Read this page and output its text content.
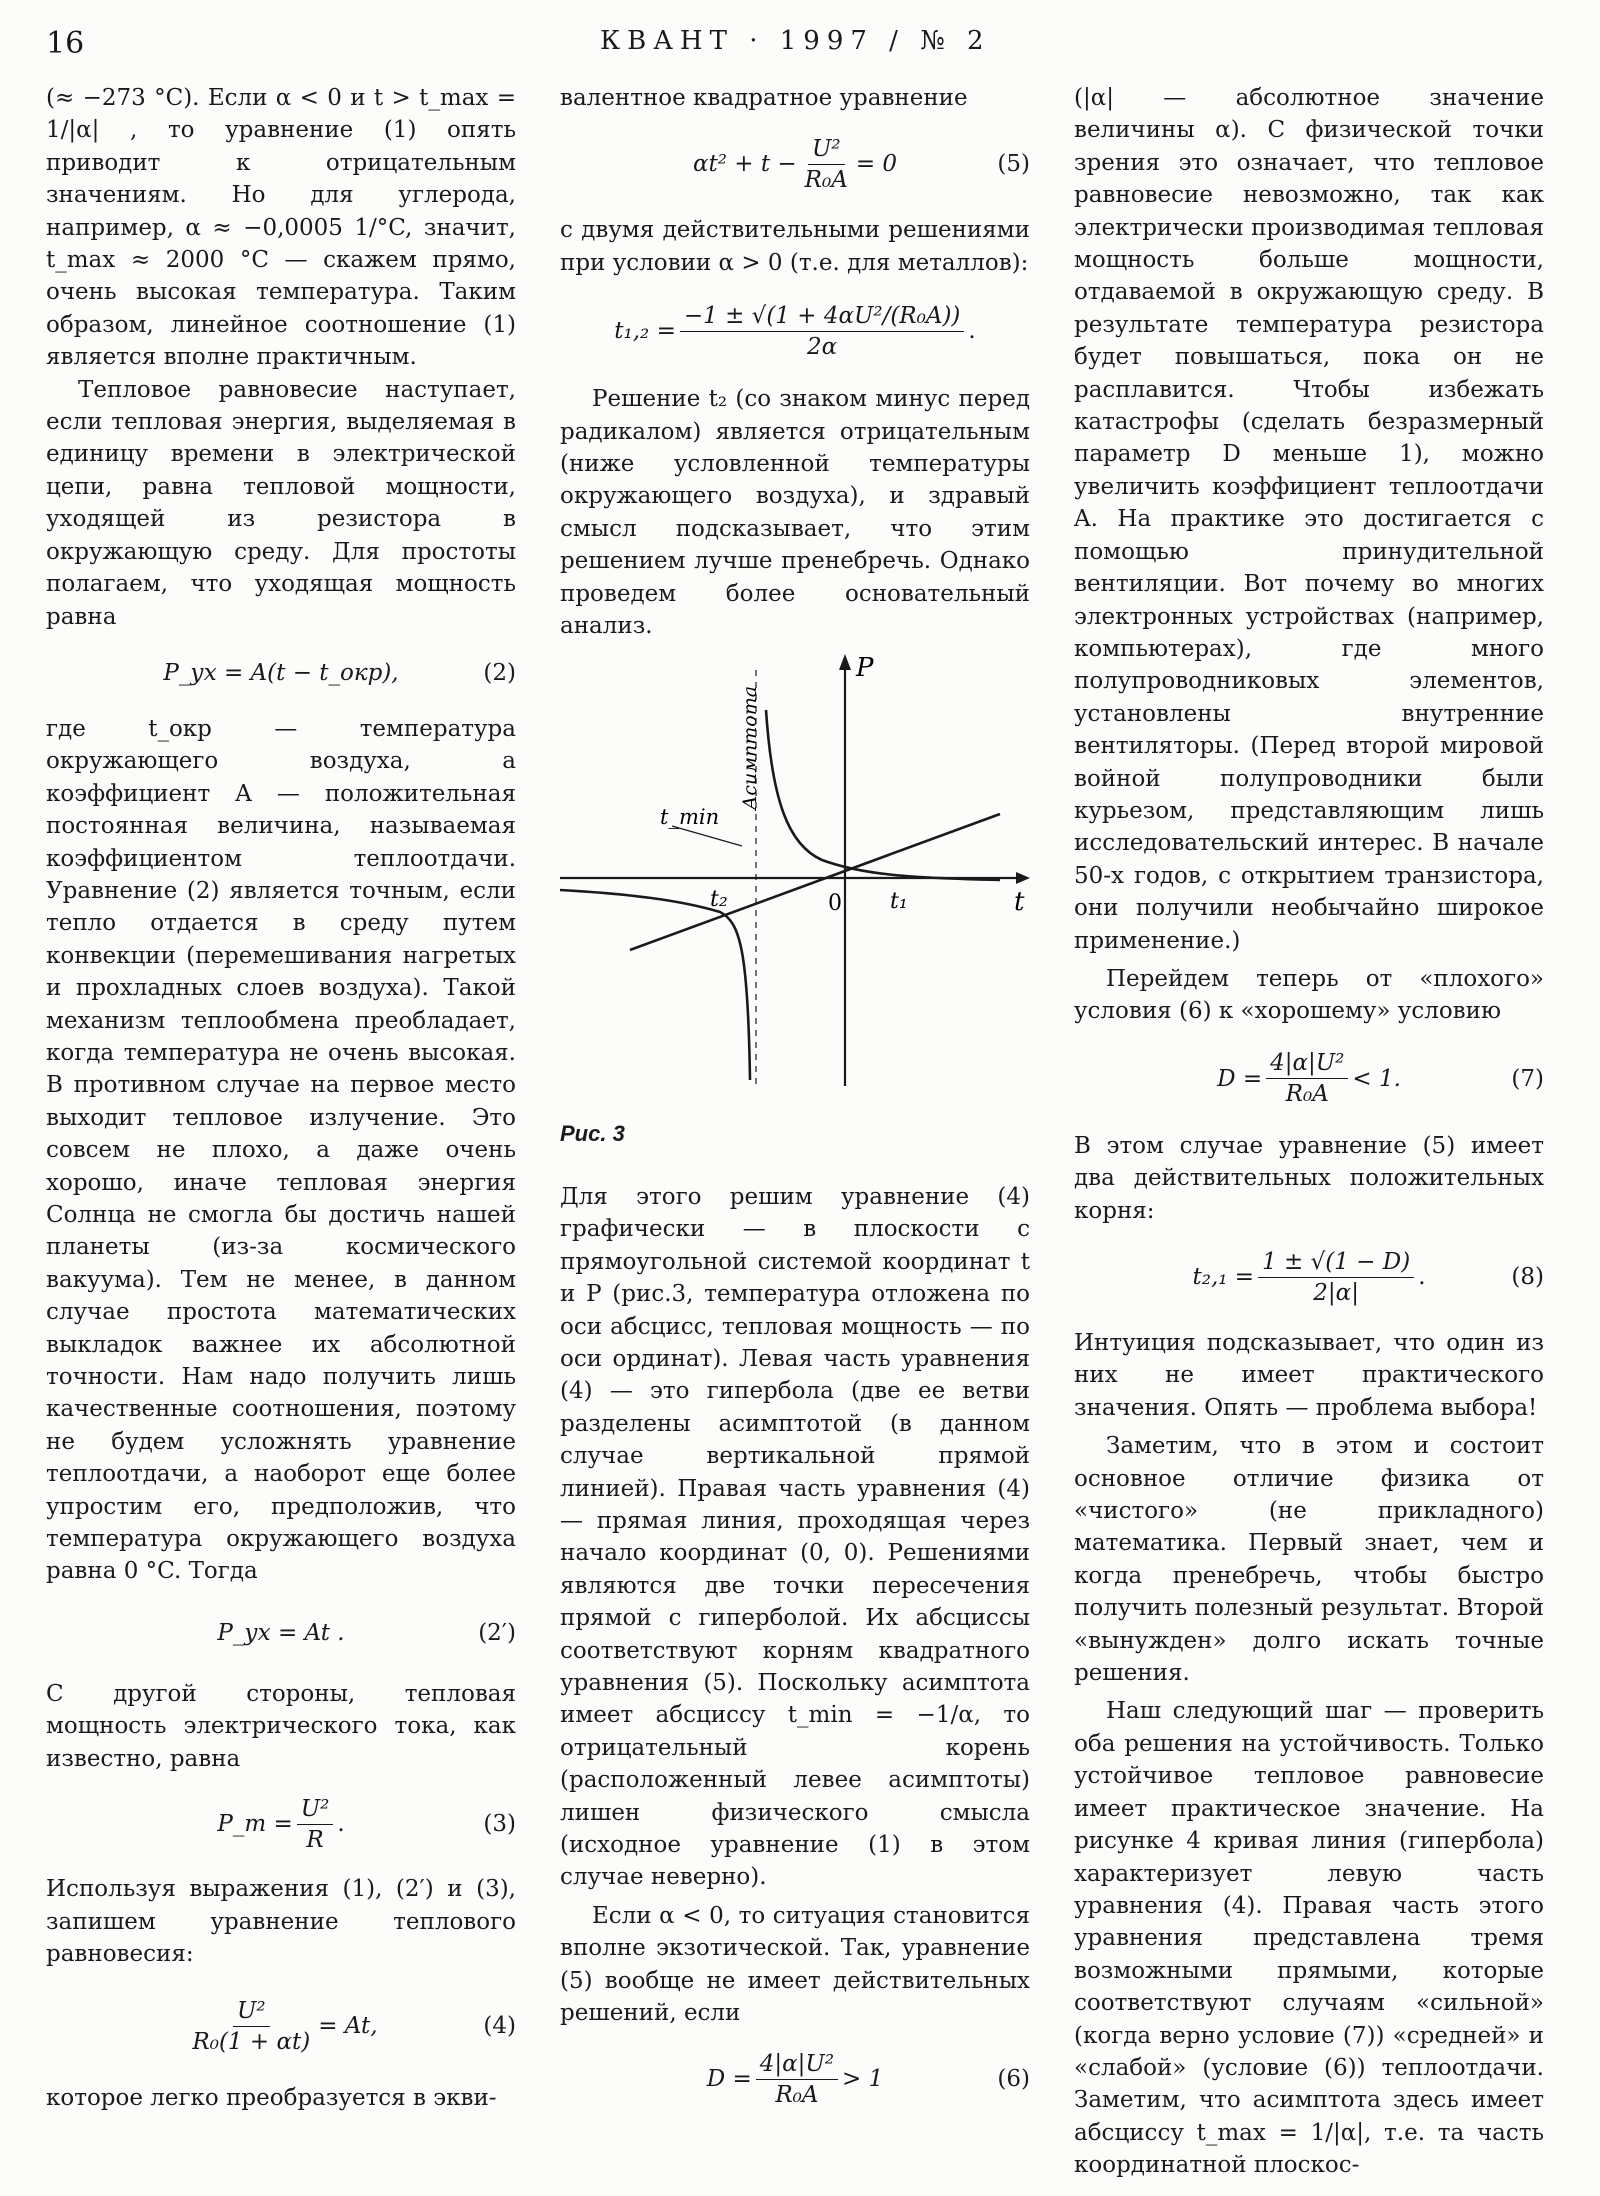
16	КВАНТ · 1997 / № 2

(≈ −273 °C). Если α < 0 и t > t_max = 1/|α| , то уравнение (1) опять приводит к отрицательным значениям. Но для углерода, например, α ≈ −0,0005 1/°C, значит, t_max ≈ 2000 °C — скажем прямо, очень высокая температура. Таким образом, линейное соотношение (1) является вполне практичным.

Тепловое равновесие наступает, если тепловая энергия, выделяемая в единицу времени в электрической цепи, равна тепловой мощности, уходящей из резистора в окружающую среду. Для простоты полагаем, что уходящая мощность равна

P_ух = A(t − t_окр),	(2)

где t_окр — температура окружающего воздуха, а коэффициент A — положительная постоянная величина, называемая коэффициентом теплоотдачи. Уравнение (2) является точным, если тепло отдается в среду путем конвекции (перемешивания нагретых и прохладных слоев воздуха). Такой механизм теплообмена преобладает, когда температура не очень высокая. В противном случае на первое место выходит тепловое излучение. Это совсем не плохо, а даже очень хорошо, иначе тепловая энергия Солнца не смогла бы достичь нашей планеты (из-за космического вакуума). Тем не менее, в данном случае простота математических выкладок важнее их абсолютной точности. Нам надо получить лишь качественные соотношения, поэтому не будем усложнять уравнение теплоотдачи, а наоборот еще более упростим его, предположив, что температура окружающего воздуха равна 0 °C. Тогда

P_ух = At .	(2′)

С другой стороны, тепловая мощность электрического тока, как известно, равна

P_т = $\frac{\text{U²}}{R}$ .	(3)

Используя выражения (1), (2′) и (3), запишем уравнение теплового равновесия:

$\frac{\text{U²}}{\text{R₀(1 + αt)}} = At$,	(4)

которое легко преобразуется в экви-

валентное квадратное уравнение

$\alpha t^2 + t - \frac{\text{U²}}{\text{R₀A}} = 0$	(5)

с двумя действительными решениями при условии α > 0 (т.е. для металлов):

$t_1,_2 = \frac{\text{−1 ± √(1 + 4αU²/(R₀A))}}{2\alpha}$ .

Решение t₂ (со знаком минус перед радикалом) является отрицательным (ниже условленной температуры окружающего воздуха), и здравый смысл подсказывает, что этим решением лучше пренебречь. Однако проведем более основательный анализ.

P
t
0 t₁
t₂
t_min
Асимптота
Рис. 3

Для этого решим уравнение (4) графически — в плоскости с прямоугольной системой координат t и P (рис.3, температура отложена по оси абсцисс, тепловая мощность — по оси ординат). Левая часть уравнения (4) — это гипербола (две ее ветви разделены асимптотой (в данном случае вертикальной прямой линией). Правая часть уравнения (4) — прямая линия, проходящая через начало координат (0, 0). Решениями являются две точки пересечения прямой с гиперболой. Их абсциссы соответствуют корням квадратного уравнения (5). Поскольку асимптота имеет абсциссу t_min = −1/α, то отрицательный корень (расположенный левее асимптоты) лишен физического смысла (исходное уравнение (1) в этом случае неверно).

Если α < 0, то ситуация становится вполне экзотической. Так, уравнение (5) вообще не имеет действительных решений, если

$D = \frac{\text{4|α|U²}}{\text{R₀A}} > 1$	(6)

(|α| — абсолютное значение величины α). С физической точки зрения это означает, что тепловое равновесие невозможно, так как электрически производимая тепловая мощность больше мощности, отдаваемой в окружающую среду. В результате температура резистора будет повышаться, пока он не расплавится. Чтобы избежать катастрофы (сделать безразмерный параметр D меньше 1), можно увеличить коэффициент теплоотдачи A. На практике это достигается с помощью принудительной вентиляции. Вот почему во многих электронных устройствах (например, компьютерах), где много полупроводниковых элементов, установлены внутренние вентиляторы. (Перед второй мировой войной полупроводники были курьезом, представляющим лишь исследовательский интерес. В начале 50-х годов, с открытием транзистора, они получили необычайно широкое применение.)

Перейдем теперь от «плохого» условия (6) к «хорошему» условию

$D = \frac{\text{4|α|U²}}{\text{R₀A}} < 1$.	(7)

В этом случае уравнение (5) имеет два действительных положительных корня:

$t_2,_1 = \frac{1 \pm √(1 - D)}{2|\alpha|}$ .	(8)

Интуиция подсказывает, что один из них не имеет практического значения. Опять — проблема выбора!

Заметим, что в этом и состоит основное отличие физика от «чистого» (не прикладного) математика. Первый знает, чем и когда пренебречь, чтобы быстро получить полезный результат. Второй «вынужден» долго искать точные решения.

Наш следующий шаг — проверить оба решения на устойчивость. Только устойчивое тепловое равновесие имеет практическое значение. На рисунке 4 кривая линия (гипербола) характеризует левую часть уравнения (4). Правая часть этого уравнения представлена тремя возможными прямыми, которые соответствуют случаям «сильной» (когда верно условие (7)) «средней» и «слабой» (условие (6)) теплоотдачи. Заметим, что асимптота здесь имеет абсциссу t_max = 1/|α|, т.е. та часть координатной плоскос-
